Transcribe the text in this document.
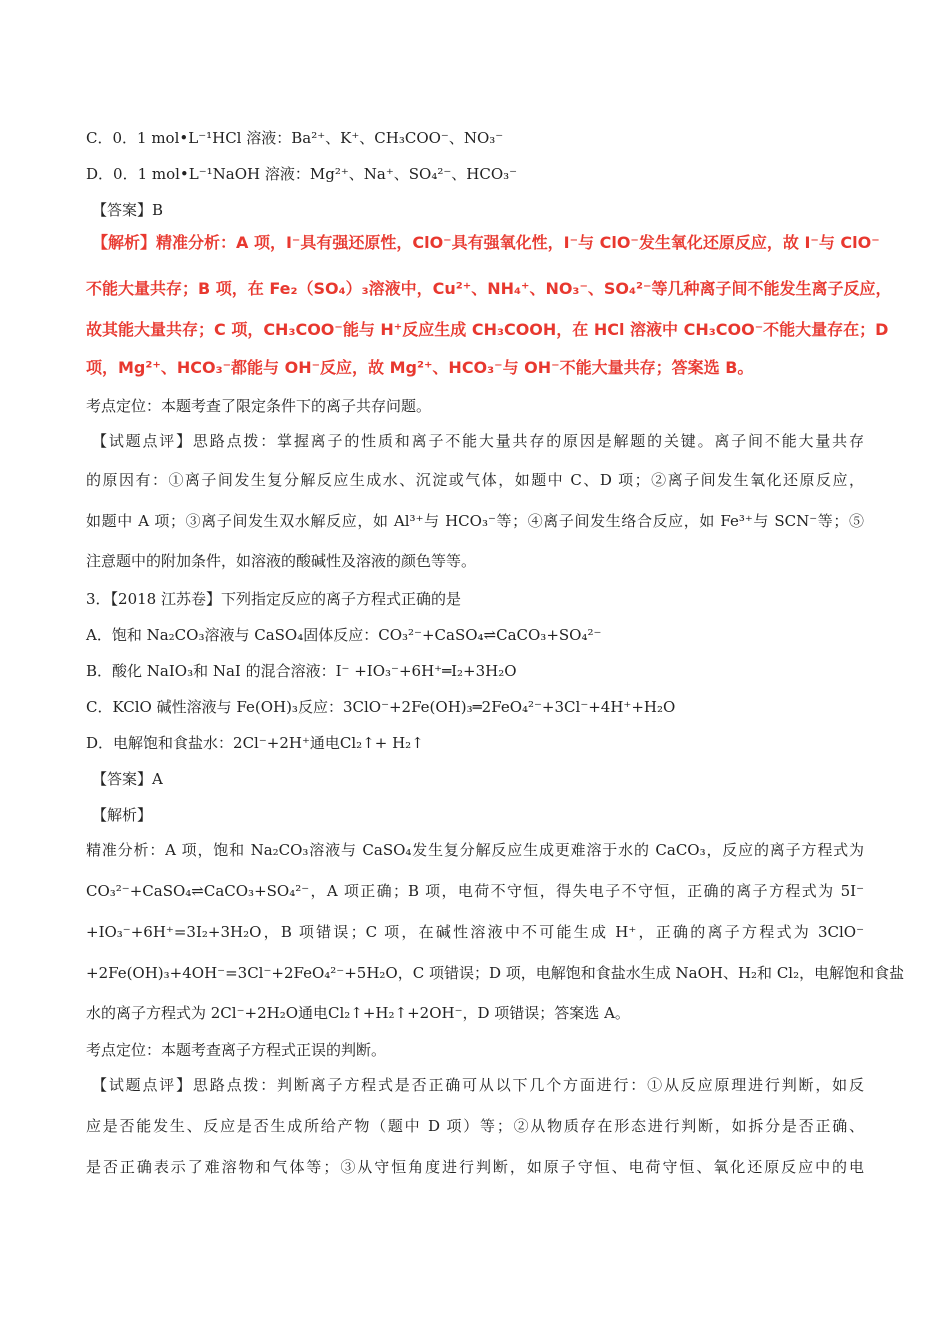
C．0．1 mol•L⁻¹HCl 溶液：Ba²⁺、K⁺、CH₃COO⁻、NO₃⁻
D．0．1 mol•L⁻¹NaOH 溶液：Mg²⁺、Na⁺、SO₄²⁻、HCO₃⁻
【答案】B
【解析】精准分析：A 项，I⁻具有强还原性，ClO⁻具有强氧化性，I⁻与 ClO⁻发生氧化还原反应，故 I⁻与 ClO⁻
不能大量共存；B 项，在 Fe₂（SO₄）₃溶液中，Cu²⁺、NH₄⁺、NO₃⁻、SO₄²⁻等几种离子间不能发生离子反应，
故其能大量共存；C 项，CH₃COO⁻能与 H⁺反应生成 CH₃COOH，在 HCl 溶液中 CH₃COO⁻不能大量存在；D
项，Mg²⁺、HCO₃⁻都能与 OH⁻反应，故 Mg²⁺、HCO₃⁻与 OH⁻不能大量共存；答案选 B。
考点定位：本题考查了限定条件下的离子共存问题。
【试题点评】思路点拨：掌握离子的性质和离子不能大量共存的原因是解题的关键。离子间不能大量共存
的原因有：①离子间发生复分解反应生成水、沉淀或气体，如题中 C、D 项；②离子间发生氧化还原反应，
如题中 A 项；③离子间发生双水解反应，如 Al³⁺与 HCO₃⁻等；④离子间发生络合反应，如 Fe³⁺与 SCN⁻等；⑤
注意题中的附加条件，如溶液的酸碱性及溶液的颜色等等。
3．【2018 江苏卷】下列指定反应的离子方程式正确的是
A．饱和 Na₂CO₃溶液与 CaSO₄固体反应：CO₃²⁻+CaSO₄⇌CaCO₃+SO₄²⁻
B．酸化 NaIO₃和 NaI 的混合溶液：I⁻ +IO₃⁻+6H⁺═I₂+3H₂O
C．KClO 碱性溶液与 Fe(OH)₃反应：3ClO⁻+2Fe(OH)₃═2FeO₄²⁻+3Cl⁻+4H⁺+H₂O
D．电解饱和食盐水：2Cl⁻+2H⁺通电Cl₂↑+ H₂↑
【答案】A
【解析】
精准分析：A 项，饱和 Na₂CO₃溶液与 CaSO₄发生复分解反应生成更难溶于水的 CaCO₃，反应的离子方程式为
CO₃²⁻+CaSO₄⇌CaCO₃+SO₄²⁻，A 项正确；B 项，电荷不守恒，得失电子不守恒，正确的离子方程式为 5I⁻
+IO₃⁻+6H⁺=3I₂+3H₂O，B 项错误；C 项，在碱性溶液中不可能生成 H⁺，正确的离子方程式为 3ClO⁻
+2Fe(OH)₃+4OH⁻=3Cl⁻+2FeO₄²⁻+5H₂O，C 项错误；D 项，电解饱和食盐水生成 NaOH、H₂和 Cl₂，电解饱和食盐
水的离子方程式为 2Cl⁻+2H₂O通电Cl₂↑+H₂↑+2OH⁻，D 项错误；答案选 A。
考点定位：本题考查离子方程式正误的判断。
【试题点评】思路点拨：判断离子方程式是否正确可从以下几个方面进行：①从反应原理进行判断，如反
应是否能发生、反应是否生成所给产物（题中 D 项）等；②从物质存在形态进行判断，如拆分是否正确、
是否正确表示了难溶物和气体等；③从守恒角度进行判断，如原子守恒、电荷守恒、氧化还原反应中的电
